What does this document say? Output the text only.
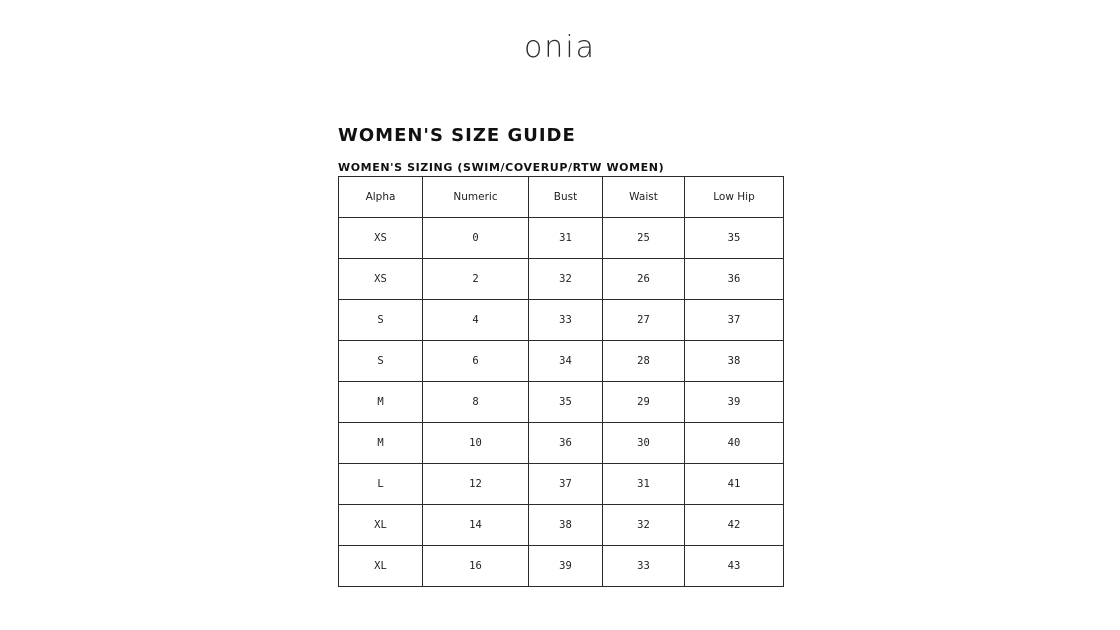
onia
WOMEN'S SIZE GUIDE
WOMEN'S SIZING (SWIM/COVERUP/RTW WOMEN)
Alpha	Numeric	Bust	Waist	Low Hip
XS	0	31	25	35
XS	2	32	26	36
S	4	33	27	37
S	6	34	28	38
M	8	35	29	39
M	10	36	30	40
L	12	37	31	41
XL	14	38	32	42
XL	16	39	33	43
